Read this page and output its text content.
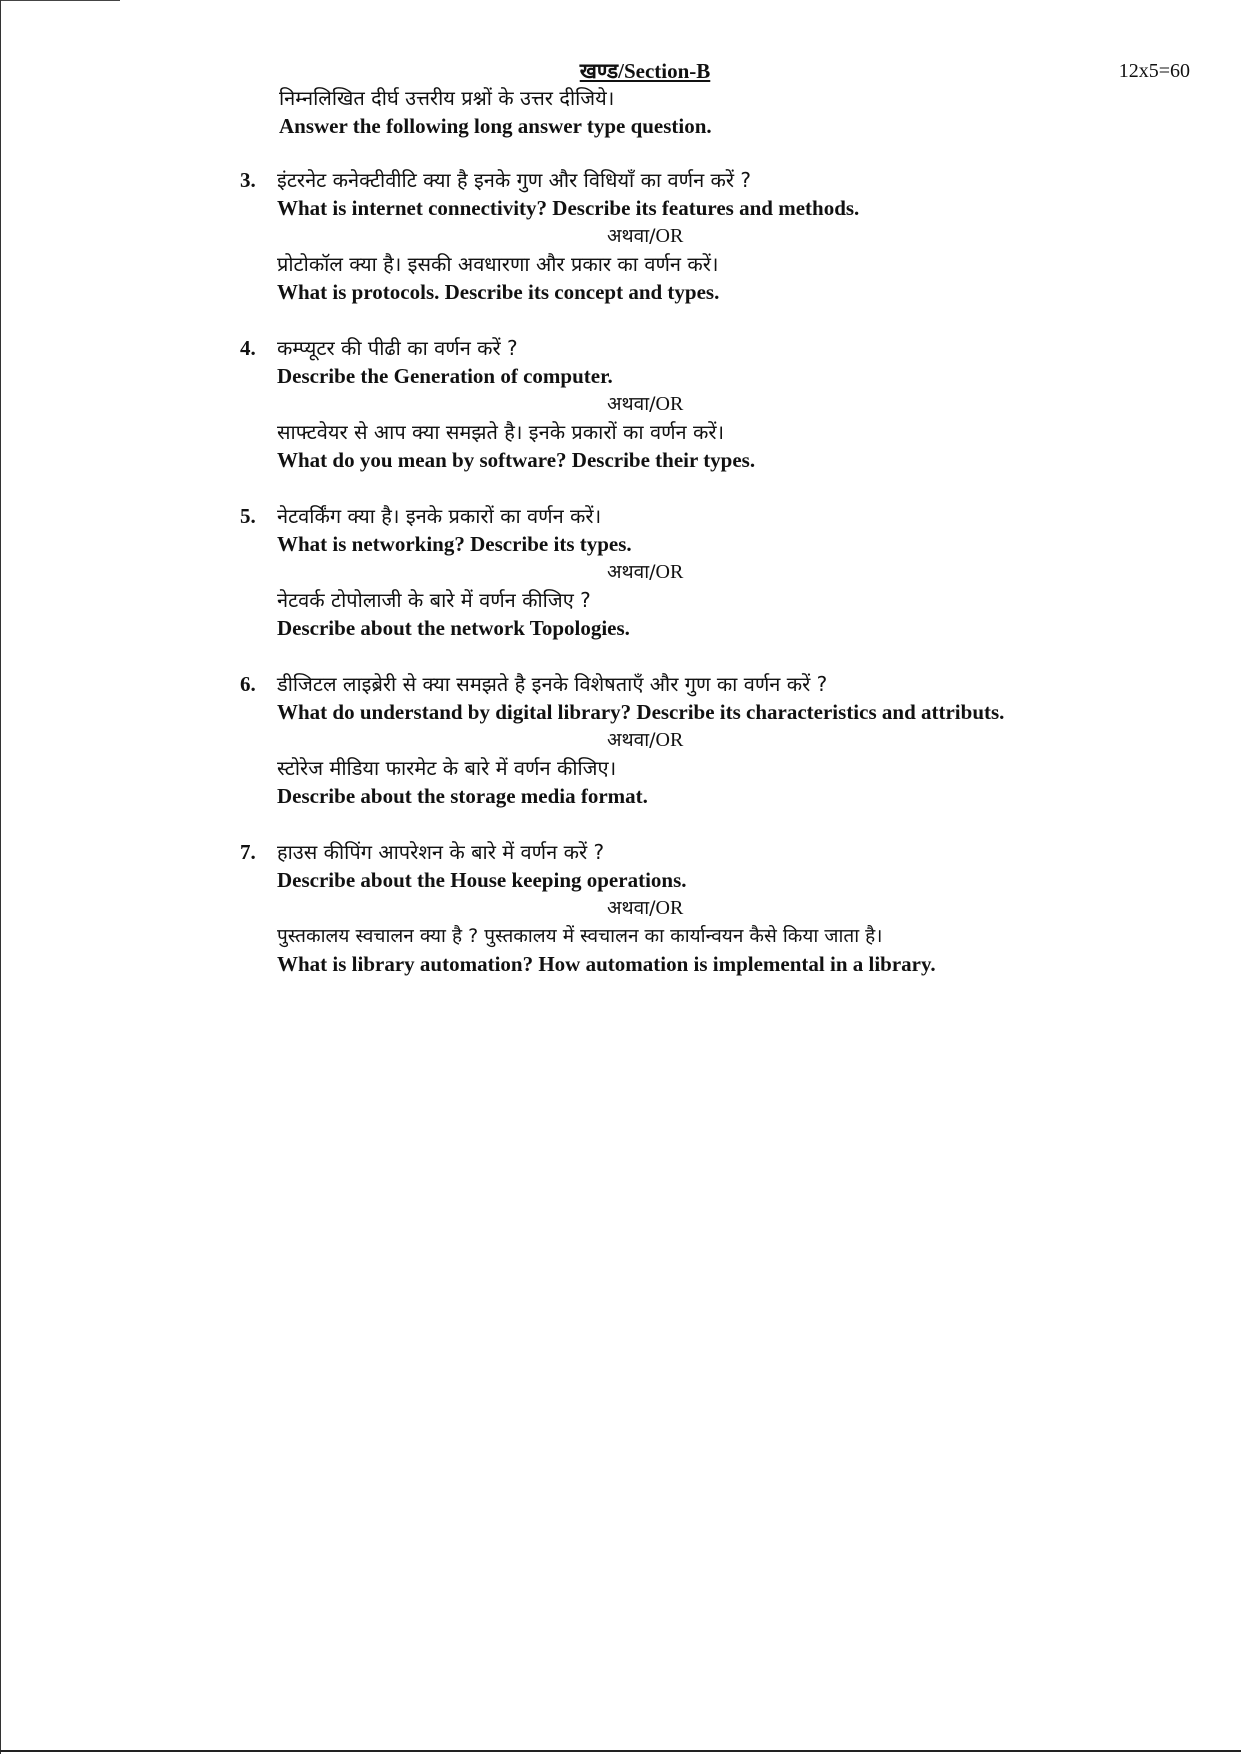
खण्ड/Section-B	12x5=60
निम्नलिखित दीर्घ उत्तरीय प्रश्नों के उत्तर दीजिये।
Answer the following long answer type question.
3.	इंटरनेट कनेक्टीवीटि क्या है इनके गुण और विधियाँ का वर्णन करें ?
What is internet connectivity? Describe its features and methods.
अथवा/OR
प्रोटोकॉल क्या है। इसकी अवधारणा और प्रकार का वर्णन करें।
What is protocols. Describe its concept and types.
4.	कम्प्यूटर की पीढी का वर्णन करें ?
Describe the Generation of computer.
अथवा/OR
साफ्टवेयर से आप क्या समझते है। इनके प्रकारों का वर्णन करें।
What do you mean by software? Describe their types.
5.	नेटवर्किंग क्या है। इनके प्रकारों का वर्णन करें।
What is networking? Describe its types.
अथवा/OR
नेटवर्क टोपोलाजी के बारे में वर्णन कीजिए ?
Describe about the network Topologies.
6.	डीजिटल लाइब्रेरी से क्या समझते है इनके विशेषताएँ और गुण का वर्णन करें ?
What do understand by digital library? Describe its characteristics and attributs.
अथवा/OR
स्टोरेज मीडिया फारमेट के बारे में वर्णन कीजिए।
Describe about the storage media format.
7.	हाउस कीपिंग आपरेशन के बारे में वर्णन करें ?
Describe about the House keeping operations.
अथवा/OR
पुस्तकालय स्वचालन क्या है ? पुस्तकालय में स्वचालन का कार्यान्वयन कैसे किया जाता है।
What is library automation? How automation is implemental in a library.
